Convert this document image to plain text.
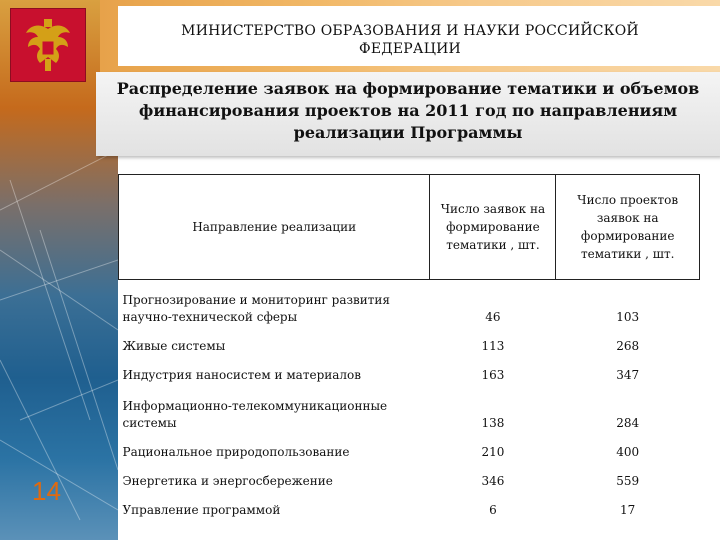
МИНИСТЕРСТВО ОБРАЗОВАНИЯ И НАУКИ РОССИЙСКОЙ ФЕДЕРАЦИИ
Распределение заявок на формирование тематики и объемов финансирования проектов на 2011 год по направлениям реализации Программы
Направление реализации	Число заявок на формирование тематики , шт.	Число проектов заявок на формирование тематики , шт.
Прогнозирование и мониторинг развития научно-технической сферы	46	103
Живые системы	113	268
Индустрия наносистем и материалов	163	347
Информационно-телекоммуникационные системы	138	284
Рациональное природопользование	210	400
Энергетика и энергосбережение	346	559
Управление программой	6	17
14
